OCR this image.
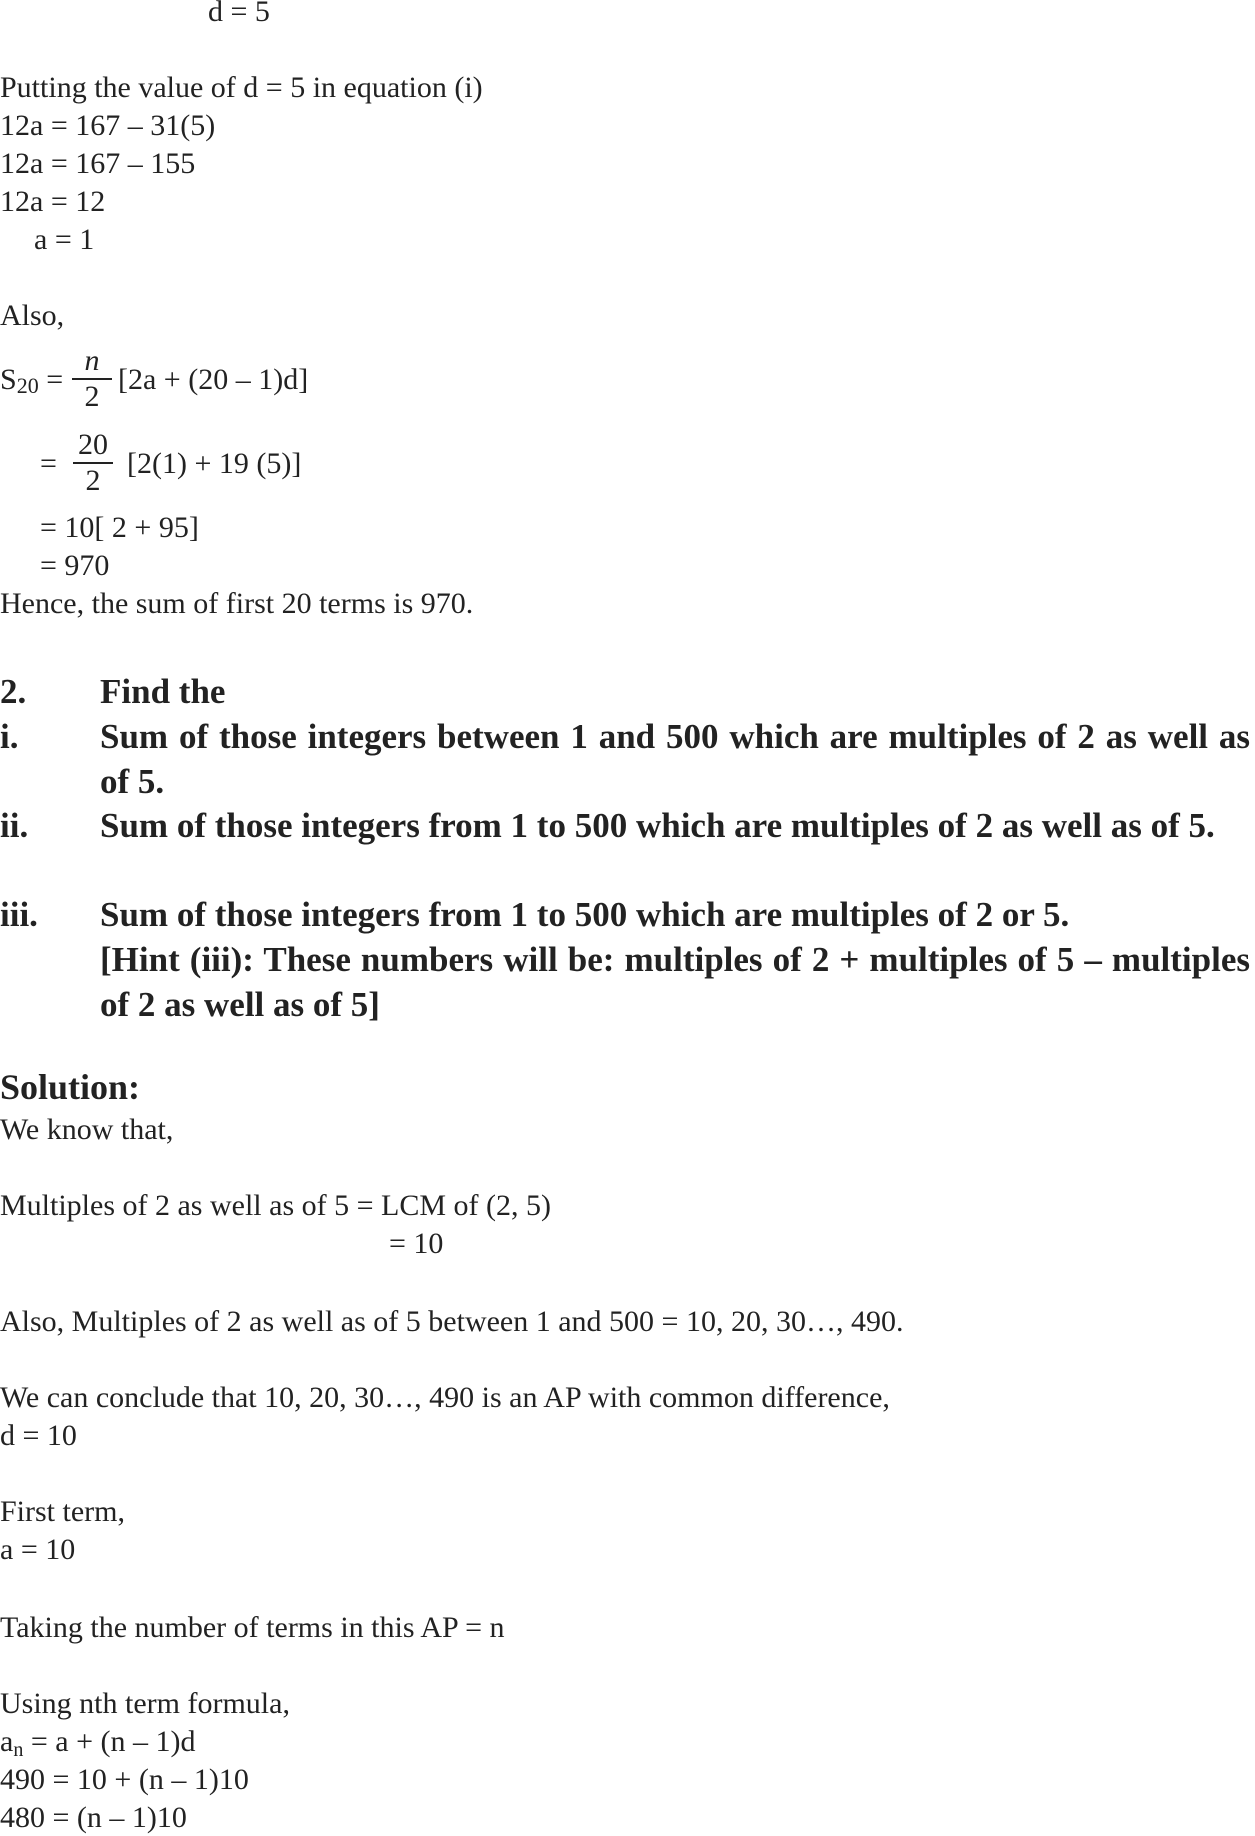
d = 5
Putting the value of d = 5 in equation (i)
12a = 167 – 31(5)
12a = 167 – 155
12a = 12
a = 1
Also,
$S20 = \frac{n}{2} [2a + (20 - 1)d]$
= $\frac{20}{2} [2(1) + 19$ (5)]
= 10[ 2 + 95]
= 970
Hence, the sum of first 20 terms is 970.
2. Find the
i. Sum of those integers between 1 and 500 which are multiples of 2 as well as of 5.
ii. Sum of those integers from 1 to 500 which are multiples of 2 as well as of 5.
iii. Sum of those integers from 1 to 500 which are multiples of 2 or 5.
[Hint (iii): These numbers will be: multiples of 2 + multiples of 5 – multiples of 2 as well as of 5]
Solution:
We know that,
Multiples of 2 as well as of 5 = LCM of (2, 5)
= 10
Also, Multiples of 2 as well as of 5 between 1 and 500 = 10, 20, 30…, 490.
We can conclude that 10, 20, 30…, 490 is an AP with common difference,
d = 10
First term,
a = 10
Taking the number of terms in this AP = n
Using nth term formula,
an = a + (n – 1)d
490 = 10 + (n – 1)10
480 = (n – 1)10
